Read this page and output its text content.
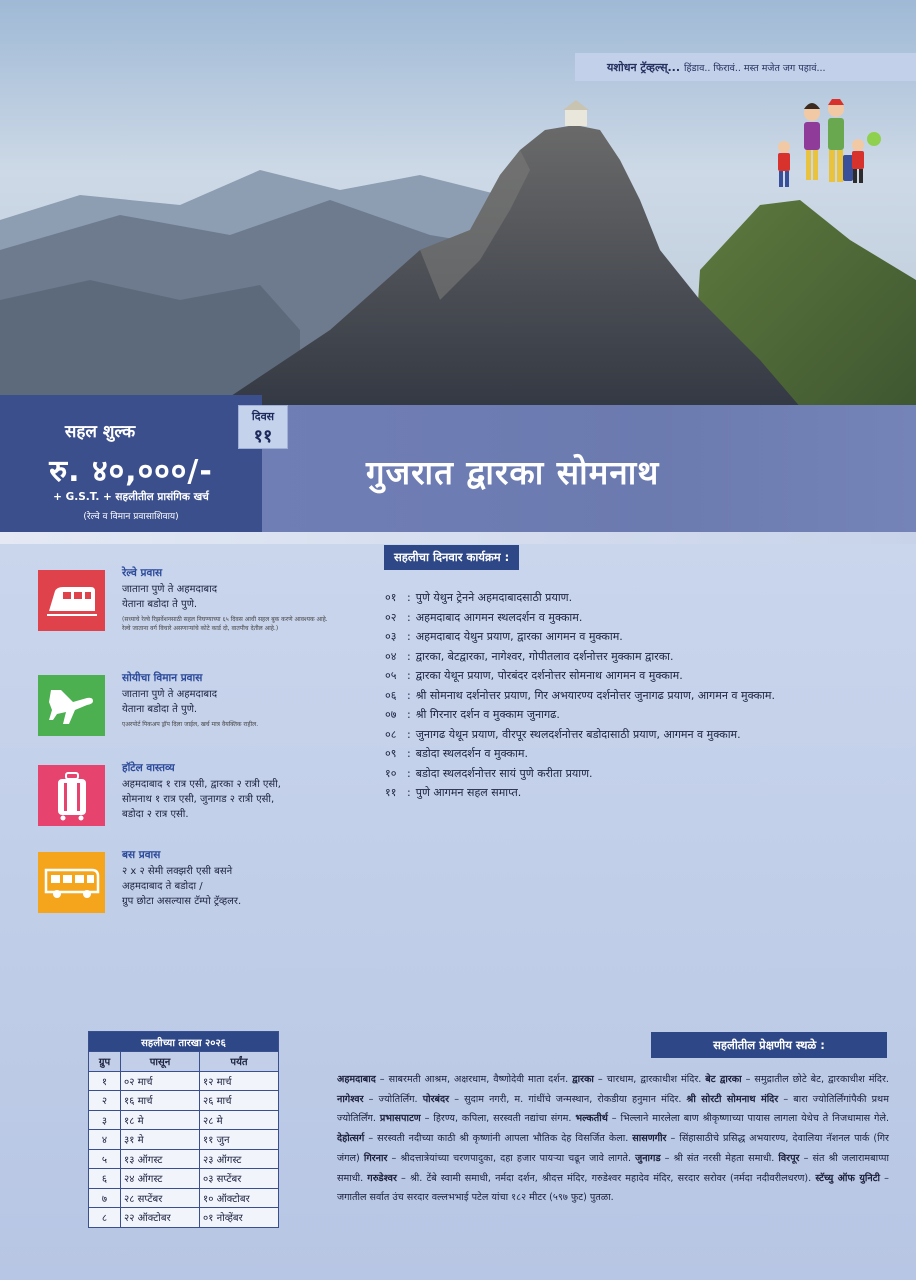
यशोधन ट्रॅव्हल्स्... हिंडाव.. फिरावं.. मस्त मजेत जग पहावं...
गुजरात द्वारका सोमनाथ
सहल शुल्क
रु. ४०,०००/-
+ G.S.T. + सहलीतील प्रासंगिक खर्च
(रेल्वे व विमान प्रवासाशिवाय)
दिवस
११
रेल्वे प्रवास
जाताना पुणे ते अहमदाबाद
येताना बडोदा ते पुणे.
(सध्याचे रेल्वे रिझर्वेशनसाठी सहल निघण्याच्या ६५ दिवस आधी सहल बुक करणे आवश्यक आहे. रेल्वे जाताना वर्ग विचारे असणाऱ्यांचे कोटे कार्ड दो, वातपीच देतील आहे.)
सोयीचा विमान प्रवास
जाताना पुणे ते अहमदाबाद
येताना बडोदा ते पुणे.
एअरपोर्ट पिकअप ड्रॉप दिला जाईल, खर्च मात्र वैयक्तिक राहील.
हॉटेल वास्तव्य
अहमदाबाद १ रात्र एसी, द्वारका २ रात्री एसी,
सोमनाथ १ रात्र एसी, जुनागड २ रात्री एसी,
बडोदा २ रात्र एसी.
बस प्रवास
२ x २ सेमी लक्झरी एसी बसने
अहमदाबाद ते बडोदा /
ग्रुप छोटा असल्यास टॅम्पो ट्रॅव्हलर.
सहलीचा दिनवार कार्यक्रम :
०१ : पुणे येथुन ट्रेनने अहमदाबादसाठी प्रयाण.
०२ : अहमदाबाद आगमन स्थलदर्शन व मुक्काम.
०३ : अहमदाबाद येथुन प्रयाण, द्वारका आगमन व मुक्काम.
०४ : द्वारका, बेटद्वारका, नागेश्वर, गोपीतलाव दर्शनोत्तर मुक्काम द्वारका.
०५ : द्वारका येथून प्रयाण, पोरबंदर दर्शनोत्तर सोमनाथ आगमन व मुक्काम.
०६ : श्री सोमनाथ दर्शनोत्तर प्रयाण, गिर अभयारण्य दर्शनोत्तर जुनागढ प्रयाण, आगमन व मुक्काम.
०७ : श्री गिरनार दर्शन व मुक्काम जुनागढ.
०८ : जुनागढ येथून प्रयाण, वीरपूर स्थलदर्शनोत्तर बडोदासाठी प्रयाण, आगमन व मुक्काम.
०९ : बडोदा स्थलदर्शन व मुक्काम.
१० : बडोदा स्थलदर्शनोत्तर सायं पुणे करीता प्रयाण.
११ : पुणे आगमन सहल समाप्त.
सहलीच्या तारखा २०२६		
ग्रुप	पासून	पर्यंत
१	०२ मार्च	१२ मार्च
२	१६ मार्च	२६ मार्च
३	१८ मे	२८ मे
४	३१ मे	११ जुन
५	१३ ऑगस्ट	२३ ऑगस्ट
६	२४ ऑगस्ट	०३ सप्टेंबर
७	२८ सप्टेंबर	१० ऑक्टोबर
८	२२ ऑक्टोबर	०१ नोव्हेंबर
सहलीतील प्रेक्षणीय स्थळे :
अहमदाबाद – साबरमती आश्रम, अक्षरधाम, वैष्णोदेवी माता दर्शन. द्वारका – चारधाम, द्वारकाधीश मंदिर. बेट द्वारका – समुद्रातील छोटे बेट, द्वारकाधीश मंदिर. नागेश्वर – ज्योतिर्लिंग. पोरबंदर – सुदाम नगरी, म. गांधींचे जन्मस्थान, रोकडीया हनुमान मंदिर. श्री सोरटी सोमनाथ मंदिर – बारा ज्योतिर्लिंगांपैकी प्रथम ज्योतिर्लिंग. प्रभासपाटण – हिरण्य, कपिला, सरस्वती नद्यांचा संगम. भल्कतीर्थ – भिल्लाने मारलेला बाण श्रीकृष्णाच्या पायास लागला येथेच ते निजधामास गेले. देहोत्सर्ग – सरस्वती नदीच्या काठी श्री कृष्णांनी आपला भौतिक देह विसर्जित केला. सासणगीर – सिंहासाठीचे प्रसिद्ध अभयारण्य, देवालिया नॅशनल पार्क (गिर जंगल) गिरनार – श्रीदत्तात्रेयांच्या चरणपादुका, दहा हजार पायऱ्या चढून जावे लागते. जुनागड – श्री संत नरसी मेहता समाधी. विरपूर – संत श्री जलारामबाप्पा समाधी. गरुडेश्वर – श्री. टेंबे स्वामी समाधी, नर्मदा दर्शन, श्रीदत्त मंदिर, गरुडेश्वर महादेव मंदिर, सरदार सरोवर (नर्मदा नदीवरीलधरण). स्टॅच्यु ऑफ युनिटी – जगातील सर्वात उंच सरदार वल्लभभाई पटेल यांचा १८२ मीटर (५९७ फुट) पुतळा.
